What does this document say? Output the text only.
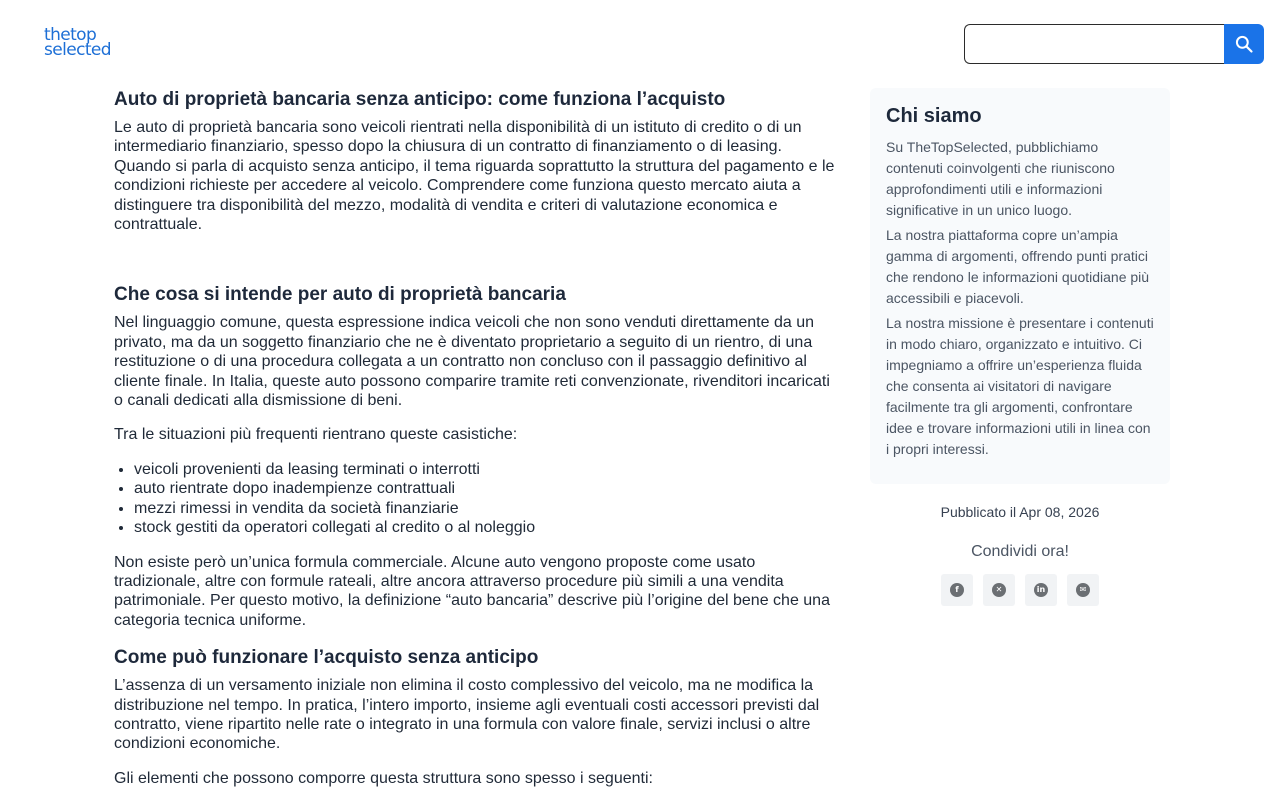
thetop
selected
Auto di proprietà bancaria senza anticipo: come funziona l’acquisto

Le auto di proprietà bancaria sono veicoli rientrati nella disponibilità di un istituto di credito o di un intermediario finanziario, spesso dopo la chiusura di un contratto di finanziamento o di leasing. Quando si parla di acquisto senza anticipo, il tema riguarda soprattutto la struttura del pagamento e le condizioni richieste per accedere al veicolo. Comprendere come funziona questo mercato aiuta a distinguere tra disponibilità del mezzo, modalità di vendita e criteri di valutazione economica e contrattuale.

Che cosa si intende per auto di proprietà bancaria

Nel linguaggio comune, questa espressione indica veicoli che non sono venduti direttamente da un privato, ma da un soggetto finanziario che ne è diventato proprietario a seguito di un rientro, di una restituzione o di una procedura collegata a un contratto non concluso con il passaggio definitivo al cliente finale. In Italia, queste auto possono comparire tramite reti convenzionate, rivenditori incaricati o canali dedicati alla dismissione di beni.

Tra le situazioni più frequenti rientrano queste casistiche:

• veicoli provenienti da leasing terminati o interrotti
• auto rientrate dopo inadempienze contrattuali
• mezzi rimessi in vendita da società finanziarie
• stock gestiti da operatori collegati al credito o al noleggio

Non esiste però un’unica formula commerciale. Alcune auto vengono proposte come usato tradizionale, altre con formule rateali, altre ancora attraverso procedure più simili a una vendita patrimoniale. Per questo motivo, la definizione “auto bancaria” descrive più l’origine del bene che una categoria tecnica uniforme.

Come può funzionare l’acquisto senza anticipo

L’assenza di un versamento iniziale non elimina il costo complessivo del veicolo, ma ne modifica la distribuzione nel tempo. In pratica, l’intero importo, insieme agli eventuali costi accessori previsti dal contratto, viene ripartito nelle rate o integrato in una formula con valore finale, servizi inclusi o altre condizioni economiche.

Gli elementi che possono comporre questa struttura sono spesso i seguenti:

Chi siamo

Su TheTopSelected, pubblichiamo contenuti coinvolgenti che riuniscono approfondimenti utili e informazioni significative in un unico luogo.

La nostra piattaforma copre un’ampia gamma di argomenti, offrendo punti pratici che rendono le informazioni quotidiane più accessibili e piacevoli.

La nostra missione è presentare i contenuti in modo chiaro, organizzato e intuitivo. Ci impegniamo a offrire un’esperienza fluida che consenta ai visitatori di navigare facilmente tra gli argomenti, confrontare idee e trovare informazioni utili in linea con i propri interessi.

Pubblicato il Apr 08, 2026
Condividi ora!
f	✕	in	✉
